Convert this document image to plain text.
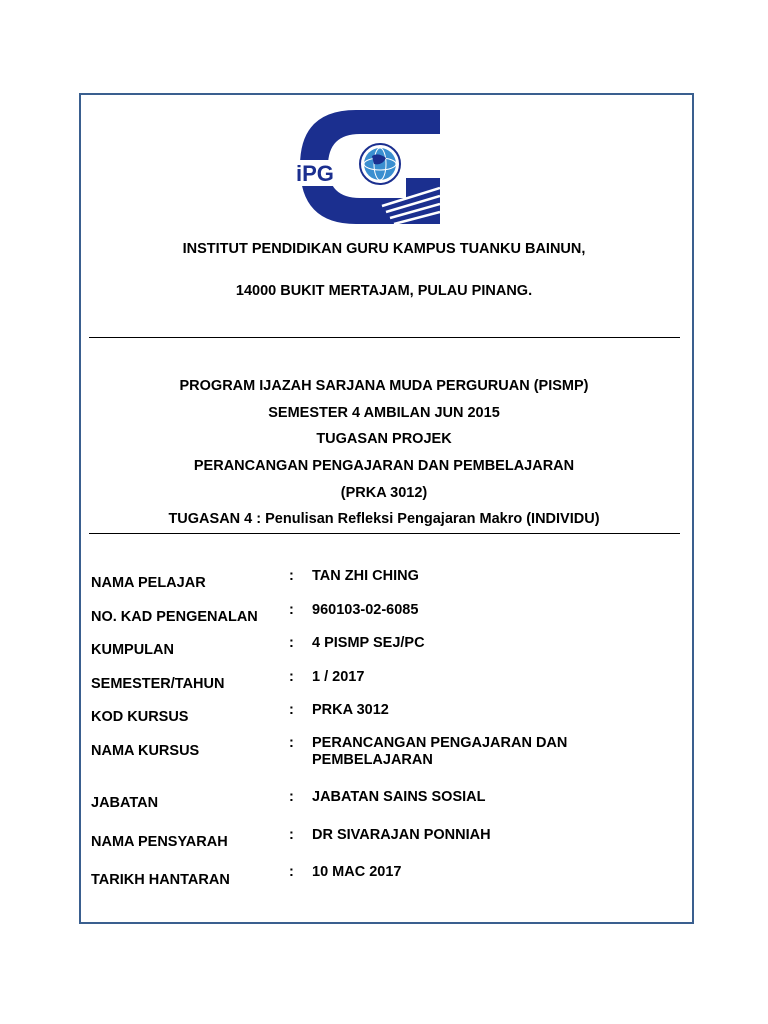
iPG
INSTITUT PENDIDIKAN GURU KAMPUS TUANKU BAINUN,
14000 BUKIT MERTAJAM, PULAU PINANG.
PROGRAM IJAZAH SARJANA MUDA PERGURUAN (PISMP)
SEMESTER 4 AMBILAN JUN 2015
TUGASAN PROJEK
PERANCANGAN PENGAJARAN DAN PEMBELAJARAN
(PRKA 3012)
TUGASAN 4 : Penulisan Refleksi Pengajaran Makro (INDIVIDU)
NAMA PELAJAR	: TAN ZHI CHING
NO. KAD PENGENALAN : 960103-02-6085
KUMPULAN	: 4 PISMP SEJ/PC
SEMESTER/TAHUN	: 1 / 2017
KOD KURSUS	: PRKA 3012
NAMA KURSUS	: PERANCANGAN PENGAJARAN DAN
PEMBELAJARAN
JABATAN	: JABATAN SAINS SOSIAL
NAMA PENSYARAH	: DR SIVARAJAN PONNIAH
TARIKH HANTARAN	: 10 MAC 2017
